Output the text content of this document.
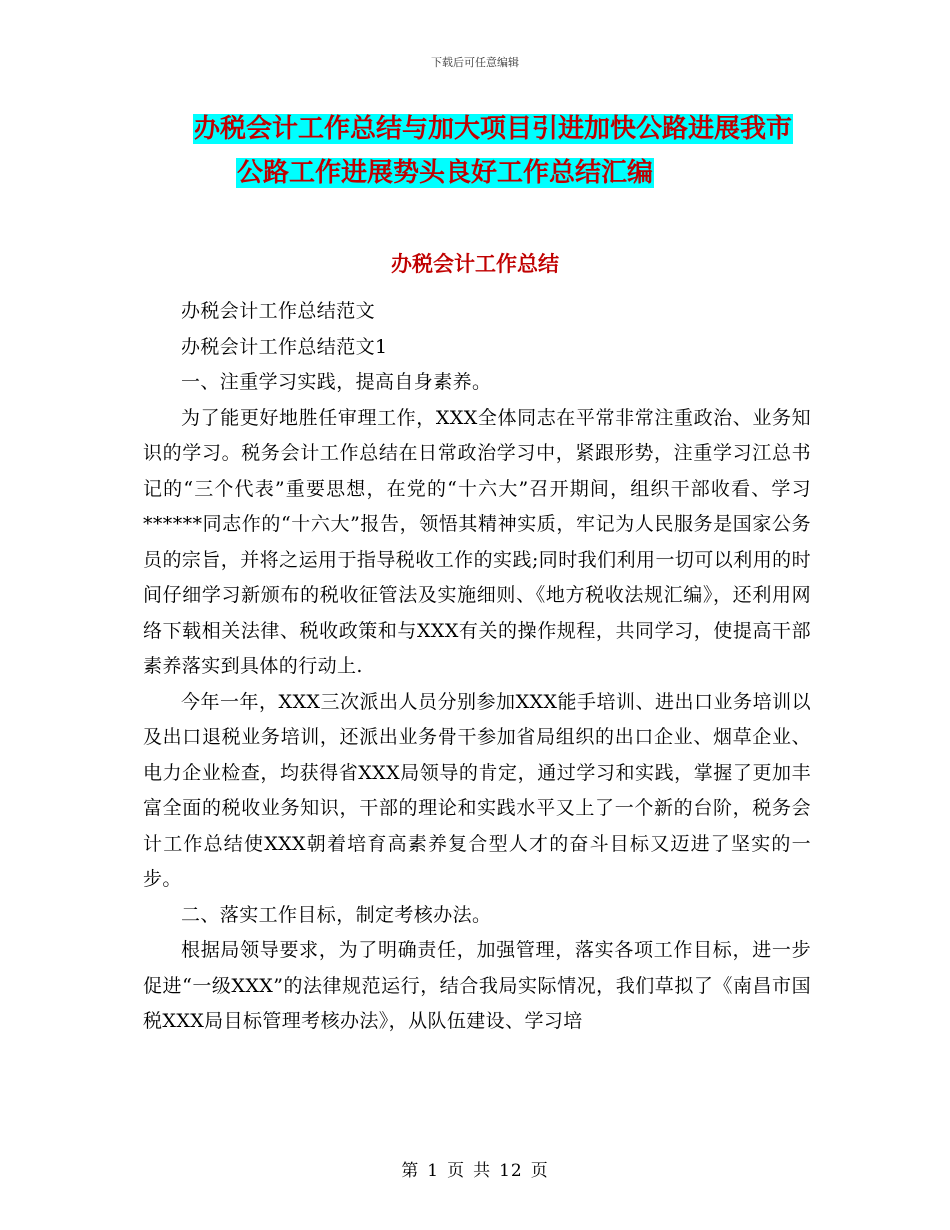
下载后可任意编辑
办税会计工作总结与加大项目引进加快公路进展我市
公路工作进展势头良好工作总结汇编
办税会计工作总结

办税会计工作总结范文

办税会计工作总结范文1

一、注重学习实践，提高自身素养。

为了能更好地胜任审理工作，XXX全体同志在平常非常注重政治、业务知识的学习。税务会计工作总结在日常政治学习中，紧跟形势，注重学习江总书记的“三个代表”重要思想，在党的“十六大”召开期间，组织干部收看、学习******同志作的“十六大”报告，领悟其精神实质，牢记为人民服务是国家公务员的宗旨，并将之运用于指导税收工作的实践;同时我们利用一切可以利用的时间仔细学习新颁布的税收征管法及实施细则、《地方税收法规汇编》，还利用网络下载相关法律、税收政策和与XXX有关的操作规程，共同学习，使提高干部素养落实到具体的行动上.

今年一年，XXX三次派出人员分别参加XXX能手培训、进出口业务培训以及出口退税业务培训，还派出业务骨干参加省局组织的出口企业、烟草企业、电力企业检查，均获得省XXX局领导的肯定，通过学习和实践，掌握了更加丰富全面的税收业务知识，干部的理论和实践水平又上了一个新的台阶，税务会计工作总结使XXX朝着培育高素养复合型人才的奋斗目标又迈进了坚实的一步。

二、落实工作目标，制定考核办法。

根据局领导要求，为了明确责任，加强管理，落实各项工作目标，进一步促进“一级XXX”的法律规范运行，结合我局实际情况，我们草拟了《南昌市国税XXX局目标管理考核办法》，从队伍建设、学习培

第 1 页 共 12 页
